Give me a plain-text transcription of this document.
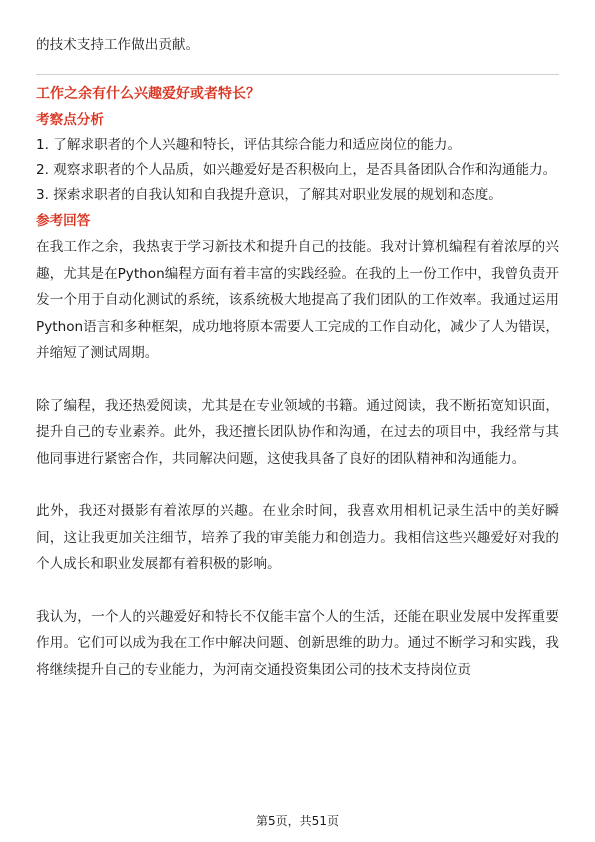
的技术支持工作做出贡献。

工作之余有什么兴趣爱好或者特长？

考察点分析

1. 了解求职者的个人兴趣和特长，评估其综合能力和适应岗位的能力。
2. 观察求职者的个人品质，如兴趣爱好是否积极向上，是否具备团队合作和沟通能力。
3. 探索求职者的自我认知和自我提升意识，了解其对职业发展的规划和态度。

参考回答

在我工作之余，我热衷于学习新技术和提升自己的技能。我对计算机编程有着浓厚的兴趣，尤其是在Python编程方面有着丰富的实践经验。在我的上一份工作中，我曾负责开发一个用于自动化测试的系统，该系统极大地提高了我们团队的工作效率。我通过运用Python语言和多种框架，成功地将原本需要人工完成的工作自动化，减少了人为错误，并缩短了测试周期。

除了编程，我还热爱阅读，尤其是在专业领域的书籍。通过阅读，我不断拓宽知识面，提升自己的专业素养。此外，我还擅长团队协作和沟通，在过去的项目中，我经常与其他同事进行紧密合作，共同解决问题，这使我具备了良好的团队精神和沟通能力。

此外，我还对摄影有着浓厚的兴趣。在业余时间，我喜欢用相机记录生活中的美好瞬间，这让我更加关注细节，培养了我的审美能力和创造力。我相信这些兴趣爱好对我的个人成长和职业发展都有着积极的影响。

我认为，一个人的兴趣爱好和特长不仅能丰富个人的生活，还能在职业发展中发挥重要作用。它们可以成为我在工作中解决问题、创新思维的助力。通过不断学习和实践，我将继续提升自己的专业能力，为河南交通投资集团公司的技术支持岗位贡

第5页，共51页
